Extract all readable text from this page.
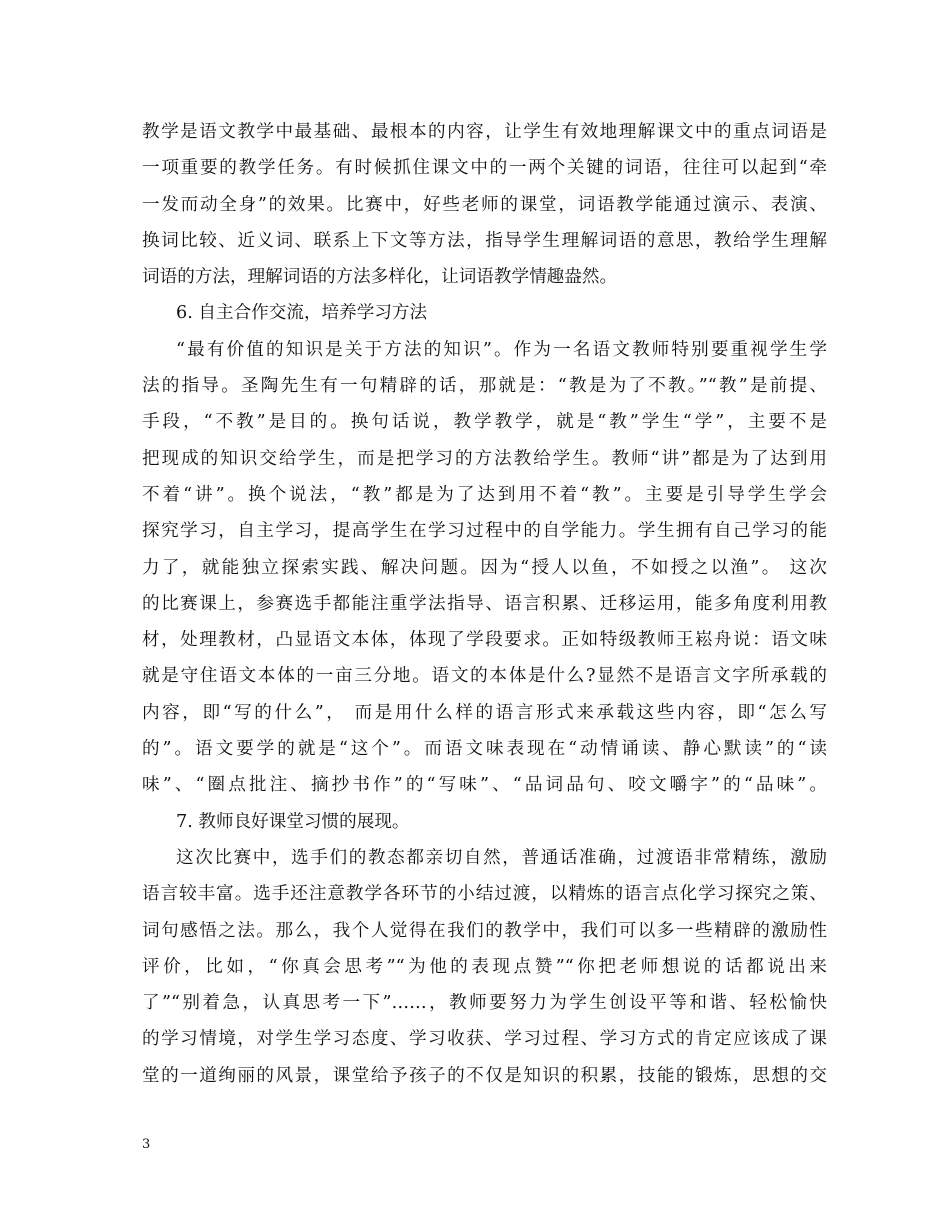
教学是语文教学中最基础、最根本的内容，让学生有效地理解课文中的重点词语是
一项重要的教学任务。有时候抓住课文中的一两个关键的词语，往往可以起到“牵
一发而动全身”的效果。比赛中，好些老师的课堂，词语教学能通过演示、表演、
换词比较、近义词、联系上下文等方法，指导学生理解词语的意思，教给学生理解
词语的方法，理解词语的方法多样化，让词语教学情趣盎然。
6. 自主合作交流，培养学习方法
“最有价值的知识是关于方法的知识”。作为一名语文教师特别要重视学生学
法的指导。圣陶先生有一句精辟的话，那就是：“教是为了不教。”“教”是前提、
手段，“不教”是目的。换句话说，教学教学，就是“教”学生“学”，主要不是
把现成的知识交给学生，而是把学习的方法教给学生。教师“讲”都是为了达到用
不着“讲”。换个说法，“教”都是为了达到用不着“教”。主要是引导学生学会
探究学习，自主学习，提高学生在学习过程中的自学能力。学生拥有自己学习的能
力了，就能独立探索实践、解决问题。因为“授人以鱼，不如授之以渔”。 这次
的比赛课上，参赛选手都能注重学法指导、语言积累、迁移运用，能多角度利用教
材，处理教材，凸显语文本体，体现了学段要求。正如特级教师王崧舟说：语文味
就是守住语文本体的一亩三分地。语文的本体是什么?显然不是语言文字所承载的
内容，即“写的什么”， 而是用什么样的语言形式来承载这些内容，即“怎么写
的”。语文要学的就是“这个”。而语文味表现在“动情诵读、静心默读”的“读
味”、“圈点批注、摘抄书作”的“写味”、“品词品句、咬文嚼字”的“品味”。
7. 教师良好课堂习惯的展现。
这次比赛中，选手们的教态都亲切自然，普通话准确，过渡语非常精练，激励
语言较丰富。选手还注意教学各环节的小结过渡，以精炼的语言点化学习探究之策、
词句感悟之法。那么，我个人觉得在我们的教学中，我们可以多一些精辟的激励性
评价，比如，“你真会思考”“为他的表现点赞”“你把老师想说的话都说出来
了”“别着急，认真思考一下”……，教师要努力为学生创设平等和谐、轻松愉快
的学习情境，对学生学习态度、学习收获、学习过程、学习方式的肯定应该成了课
堂的一道绚丽的风景，课堂给予孩子的不仅是知识的积累，技能的锻炼，思想的交
3
